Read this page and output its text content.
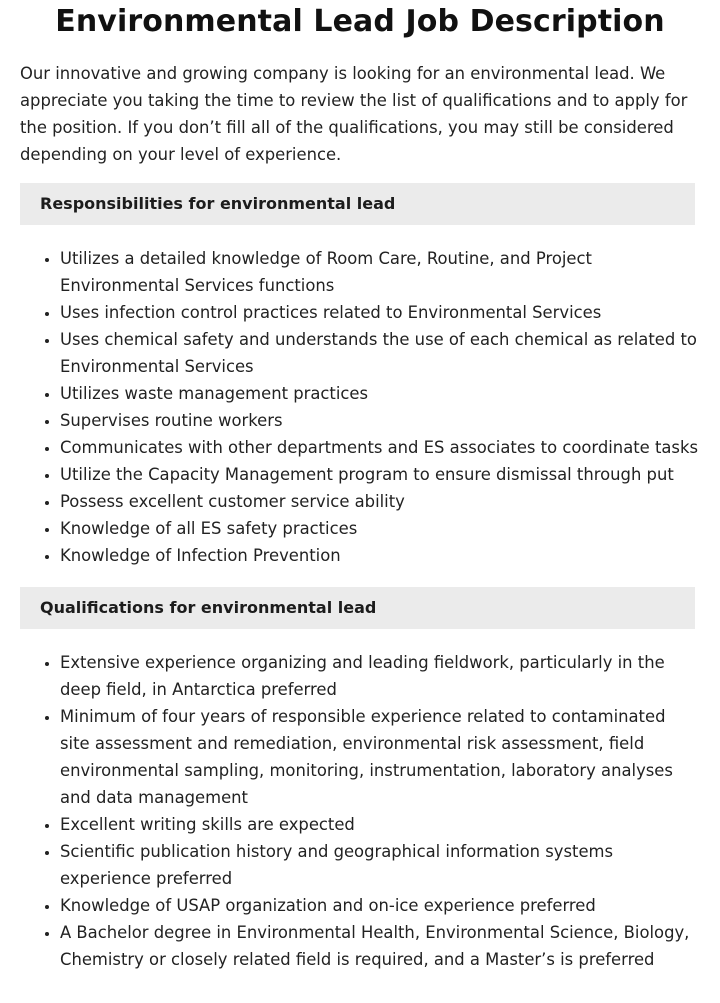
Environmental Lead Job Description

Our innovative and growing company is looking for an environmental lead. We appreciate you taking the time to review the list of qualifications and to apply for the position. If you don’t fill all of the qualifications, you may still be considered depending on your level of experience.

Responsibilities for environmental lead
• Utilizes a detailed knowledge of Room Care, Routine, and Project Environmental Services functions
• Uses infection control practices related to Environmental Services
• Uses chemical safety and understands the use of each chemical as related to Environmental Services
• Utilizes waste management practices
• Supervises routine workers
• Communicates with other departments and ES associates to coordinate tasks
• Utilize the Capacity Management program to ensure dismissal through put
• Possess excellent customer service ability
• Knowledge of all ES safety practices
• Knowledge of Infection Prevention
Qualifications for environmental lead
• Extensive experience organizing and leading fieldwork, particularly in the deep field, in Antarctica preferred
• Minimum of four years of responsible experience related to contaminated site assessment and remediation, environmental risk assessment, field environmental sampling, monitoring, instrumentation, laboratory analyses and data management
• Excellent writing skills are expected
• Scientific publication history and geographical information systems experience preferred
• Knowledge of USAP organization and on-ice experience preferred
• A Bachelor degree in Environmental Health, Environmental Science, Biology, Chemistry or closely related field is required, and a Master’s is preferred
